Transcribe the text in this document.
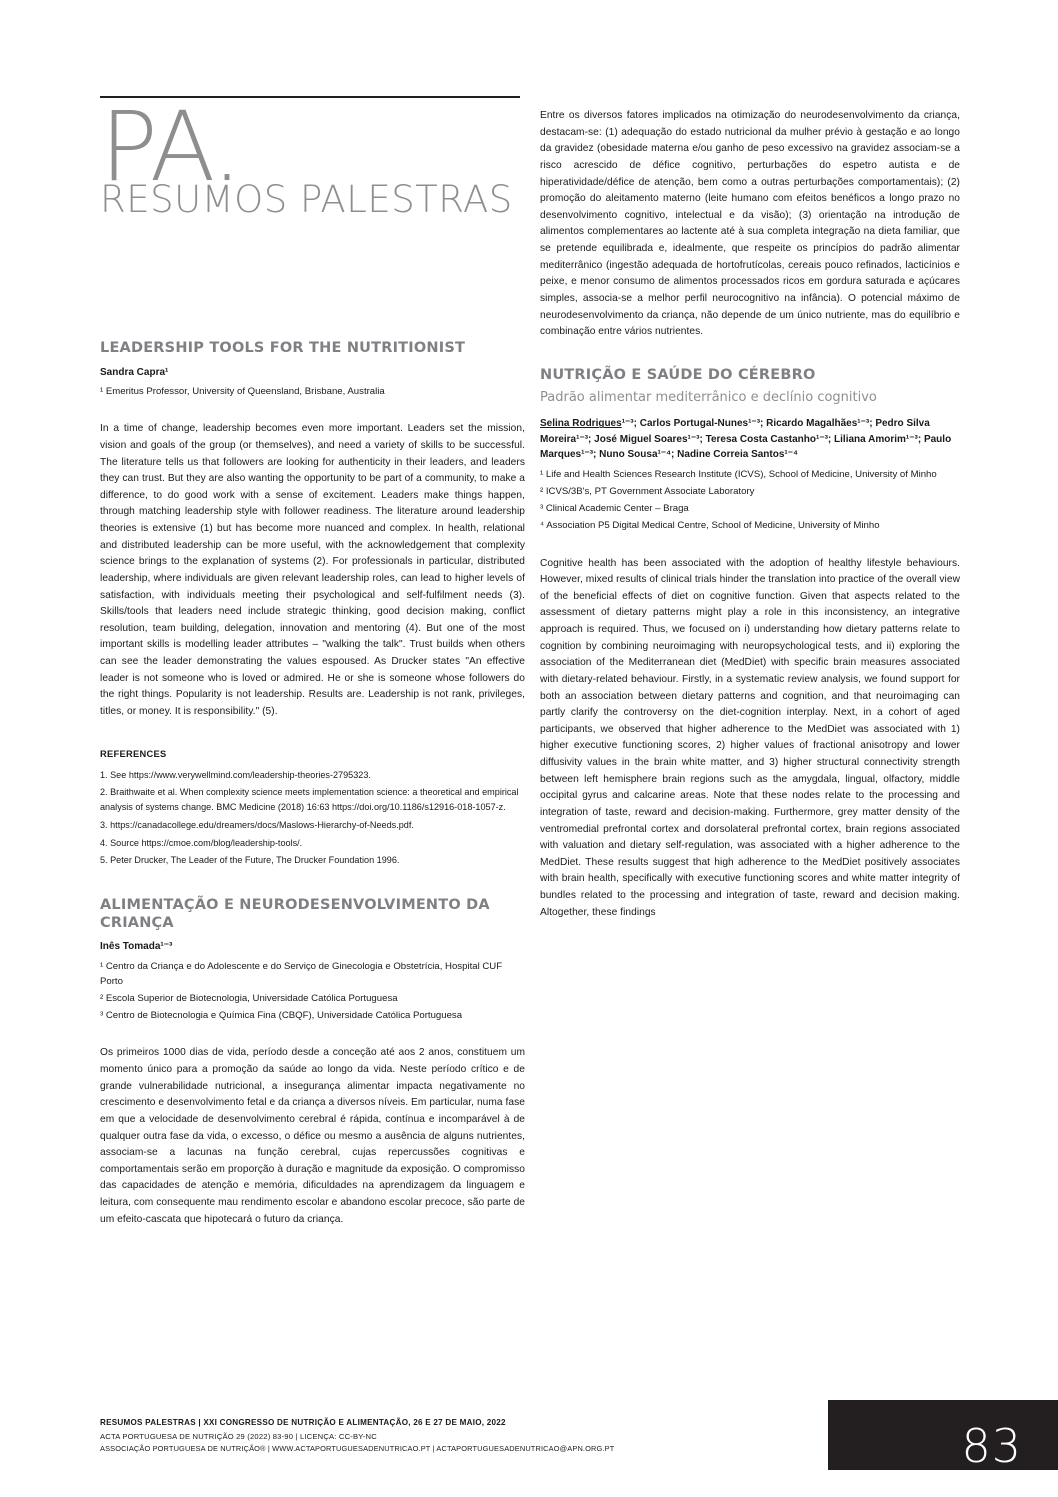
PA.
RESUMOS PALESTRAS
LEADERSHIP TOOLS FOR THE NUTRITIONIST
Sandra Capra¹
¹ Emeritus Professor, University of Queensland, Brisbane, Australia

In a time of change, leadership becomes even more important. Leaders set the mission, vision and goals of the group (or themselves), and need a variety of skills to be successful. The literature tells us that followers are looking for authenticity in their leaders, and leaders they can trust. But they are also wanting the opportunity to be part of a community, to make a difference, to do good work with a sense of excitement. Leaders make things happen, through matching leadership style with follower readiness. The literature around leadership theories is extensive (1) but has become more nuanced and complex. In health, relational and distributed leadership can be more useful, with the acknowledgement that complexity science brings to the explanation of systems (2). For professionals in particular, distributed leadership, where individuals are given relevant leadership roles, can lead to higher levels of satisfaction, with individuals meeting their psychological and self-fulfilment needs (3). Skills/tools that leaders need include strategic thinking, good decision making, conflict resolution, team building, delegation, innovation and mentoring (4). But one of the most important skills is modelling leader attributes – "walking the talk". Trust builds when others can see the leader demonstrating the values espoused. As Drucker states "An effective leader is not someone who is loved or admired. He or she is someone whose followers do the right things. Popularity is not leadership. Results are. Leadership is not rank, privileges, titles, or money. It is responsibility." (5).

REFERENCES
1. See https://www.verywellmind.com/leadership-theories-2795323.
2. Braithwaite et al. When complexity science meets implementation science: a theoretical and empirical analysis of systems change. BMC Medicine (2018) 16:63 https://doi.org/10.1186/s12916-018-1057-z.
3. https://canadacollege.edu/dreamers/docs/Maslows-Hierarchy-of-Needs.pdf.
4. Source https://cmoe.com/blog/leadership-tools/.
5. Peter Drucker, The Leader of the Future, The Drucker Foundation 1996.
ALIMENTAÇÃO E NEURODESENVOLVIMENTO DA CRIANÇA
Inês Tomada¹⁻³
¹ Centro da Criança e do Adolescente e do Serviço de Ginecologia e Obstetrícia, Hospital CUF Porto
² Escola Superior de Biotecnologia, Universidade Católica Portuguesa
³ Centro de Biotecnologia e Química Fina (CBQF), Universidade Católica Portuguesa

Os primeiros 1000 dias de vida, período desde a conceção até aos 2 anos, constituem um momento único para a promoção da saúde ao longo da vida. Neste período crítico e de grande vulnerabilidade nutricional, a insegurança alimentar impacta negativamente no crescimento e desenvolvimento fetal e da criança a diversos níveis. Em particular, numa fase em que a velocidade de desenvolvimento cerebral é rápida, contínua e incomparável à de qualquer outra fase da vida, o excesso, o défice ou mesmo a ausência de alguns nutrientes, associam-se a lacunas na função cerebral, cujas repercussões cognitivas e comportamentais serão em proporção à duração e magnitude da exposição. O compromisso das capacidades de atenção e memória, dificuldades na aprendizagem da linguagem e leitura, com consequente mau rendimento escolar e abandono escolar precoce, são parte de um efeito-cascata que hipotecará o futuro da criança.

Entre os diversos fatores implicados na otimização do neurodesenvolvimento da criança, destacam-se: (1) adequação do estado nutricional da mulher prévio à gestação e ao longo da gravidez (obesidade materna e/ou ganho de peso excessivo na gravidez associam-se a risco acrescido de défice cognitivo, perturbações do espetro autista e de hiperatividade/défice de atenção, bem como a outras perturbações comportamentais); (2) promoção do aleitamento materno (leite humano com efeitos benéficos a longo prazo no desenvolvimento cognitivo, intelectual e da visão); (3) orientação na introdução de alimentos complementares ao lactente até à sua completa integração na dieta familiar, que se pretende equilibrada e, idealmente, que respeite os princípios do padrão alimentar mediterrânico (ingestão adequada de hortofrutícolas, cereais pouco refinados, lacticínios e peixe, e menor consumo de alimentos processados ricos em gordura saturada e açúcares simples, associa-se a melhor perfil neurocognitivo na infância). O potencial máximo de neurodesenvolvimento da criança, não depende de um único nutriente, mas do equilíbrio e combinação entre vários nutrientes.

NUTRIÇÃO E SAÚDE DO CÉREBRO
Padrão alimentar mediterrânico e declínio cognitivo
Selina Rodrigues¹⁻³; Carlos Portugal-Nunes¹⁻³; Ricardo Magalhães¹⁻³; Pedro Silva Moreira¹⁻³; José Miguel Soares¹⁻³; Teresa Costa Castanho¹⁻³; Liliana Amorim¹⁻³; Paulo Marques¹⁻³; Nuno Sousa¹⁻⁴; Nadine Correia Santos¹⁻⁴
¹ Life and Health Sciences Research Institute (ICVS), School of Medicine, University of Minho
² ICVS/3B's, PT Government Associate Laboratory
³ Clinical Academic Center – Braga
⁴ Association P5 Digital Medical Centre, School of Medicine, University of Minho

Cognitive health has been associated with the adoption of healthy lifestyle behaviours. However, mixed results of clinical trials hinder the translation into practice of the overall view of the beneficial effects of diet on cognitive function. Given that aspects related to the assessment of dietary patterns might play a role in this inconsistency, an integrative approach is required. Thus, we focused on i) understanding how dietary patterns relate to cognition by combining neuroimaging with neuropsychological tests, and ii) exploring the association of the Mediterranean diet (MedDiet) with specific brain measures associated with dietary-related behaviour. Firstly, in a systematic review analysis, we found support for both an association between dietary patterns and cognition, and that neuroimaging can partly clarify the controversy on the diet-cognition interplay. Next, in a cohort of aged participants, we observed that higher adherence to the MedDiet was associated with 1) higher executive functioning scores, 2) higher values of fractional anisotropy and lower diffusivity values in the brain white matter, and 3) higher structural connectivity strength between left hemisphere brain regions such as the amygdala, lingual, olfactory, middle occipital gyrus and calcarine areas. Note that these nodes relate to the processing and integration of taste, reward and decision-making. Furthermore, grey matter density of the ventromedial prefrontal cortex and dorsolateral prefrontal cortex, brain regions associated with valuation and dietary self-regulation, was associated with a higher adherence to the MedDiet. These results suggest that high adherence to the MedDiet positively associates with brain health, specifically with executive functioning scores and white matter integrity of bundles related to the processing and integration of taste, reward and decision making. Altogether, these findings

83
RESUMOS PALESTRAS | XXI CONGRESSO DE NUTRIÇÃO E ALIMENTAÇÃO, 26 E 27 DE MAIO, 2022
ACTA PORTUGUESA DE NUTRIÇÃO 29 (2022) 83-90 | LICENÇA: CC-BY-NC
ASSOCIAÇÃO PORTUGUESA DE NUTRIÇÃO® | WWW.ACTAPORTUGUESADENUTRICAO.PT | ACTAPORTUGUESADENUTRICAO@APN.ORG.PT
